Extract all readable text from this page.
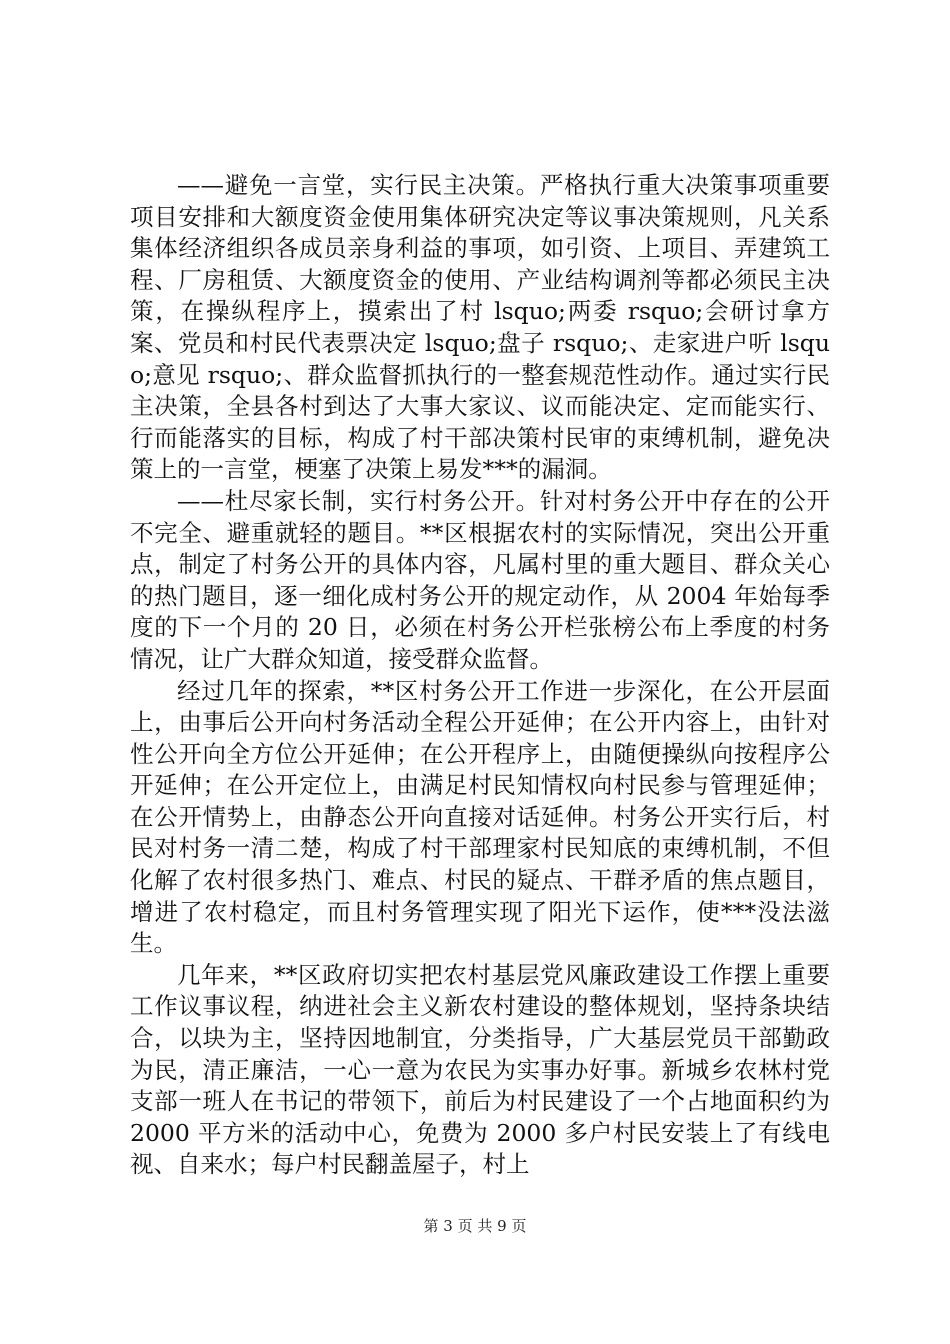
——避免一言堂，实行民主决策。严格执行重大决策事项重要项目安排和大额度资金使用集体研究决定等议事决策规则，凡关系集体经济组织各成员亲身利益的事项，如引资、上项目、弄建筑工程、厂房租赁、大额度资金的使用、产业结构调剂等都必须民主决策，在操纵程序上，摸索出了村 lsquo;两委 rsquo;会研讨拿方案、党员和村民代表票决定 lsquo;盘子 rsquo;、走家进户听 lsquo;意见 rsquo;、群众监督抓执行的一整套规范性动作。通过实行民主决策，全县各村到达了大事大家议、议而能决定、定而能实行、行而能落实的目标，构成了村干部决策村民审的束缚机制，避免决策上的一言堂，梗塞了决策上易发***的漏洞。

——杜尽家长制，实行村务公开。针对村务公开中存在的公开不完全、避重就轻的题目。**区根据农村的实际情况，突出公开重点，制定了村务公开的具体内容，凡属村里的重大题目、群众关心的热门题目，逐一细化成村务公开的规定动作，从 2004 年始每季度的下一个月的 20 日，必须在村务公开栏张榜公布上季度的村务情况，让广大群众知道，接受群众监督。

经过几年的探索，**区村务公开工作进一步深化，在公开层面上，由事后公开向村务活动全程公开延伸；在公开内容上，由针对性公开向全方位公开延伸；在公开程序上，由随便操纵向按程序公开延伸；在公开定位上，由满足村民知情权向村民参与管理延伸；在公开情势上，由静态公开向直接对话延伸。村务公开实行后，村民对村务一清二楚，构成了村干部理家村民知底的束缚机制，不但化解了农村很多热门、难点、村民的疑点、干群矛盾的焦点题目，增进了农村稳定，而且村务管理实现了阳光下运作，使***没法滋生。

几年来，**区政府切实把农村基层党风廉政建设工作摆上重要工作议事议程，纳进社会主义新农村建设的整体规划，坚持条块结合，以块为主，坚持因地制宜，分类指导，广大基层党员干部勤政为民，清正廉洁，一心一意为农民为实事办好事。新城乡农林村党支部一班人在书记的带领下，前后为村民建设了一个占地面积约为 2000 平方米的活动中心，免费为 2000 多户村民安装上了有线电视、自来水；每户村民翻盖屋子，村上

第 3 页 共 9 页
